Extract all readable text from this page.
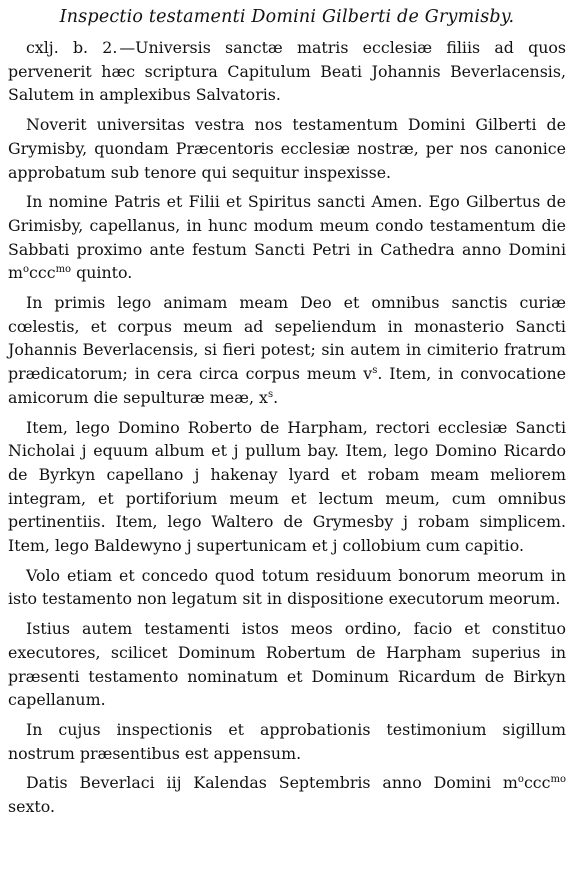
Inspectio testamenti Domini Gilberti de Grymisby.

cxlj. b. 2. —Universis sanctæ matris ecclesiæ filiis ad quos pervenerit hæc scriptura Capitulum Beati Johannis Beverlacensis, Salutem in amplexibus Salvatoris.

Noverit universitas vestra nos testamentum Domini Gilberti de Grymisby, quondam Præcentoris ecclesiæ nostræ, per nos canonice approbatum sub tenore qui sequitur inspexisse.

In nomine Patris et Filii et Spiritus sancti Amen. Ego Gilbertus de Grimisby, capellanus, in hunc modum meum condo testamentum die Sabbati proximo ante festum Sancti Petri in Cathedra anno Domini $m^occc^{mo}$ quinto.

In primis lego animam meam Deo et omnibus sanctis curiæ cœlestis, et corpus meum ad sepeliendum in monasterio Sancti Johannis Beverlacensis, si fieri potest; sin autem in cimiterio fratrum prædicatorum; in cera circa corpus meum $v^s$. Item, in convocatione amicorum die sepulturæ meæ, $x^s$.

Item, lego Domino Roberto de Harpham, rectori ecclesiæ Sancti Nicholai j equum album et j pullum bay. Item, lego Domino Ricardo de Byrkyn capellano j hakenay lyard et robam meam meliorem integram, et portiforium meum et lectum meum, cum omnibus pertinentiis. Item, lego Waltero de Grymesby j robam simplicem. Item, lego Baldewyno j supertunicam et j collobium cum capitio.

Volo etiam et concedo quod totum residuum bonorum meorum in isto testamento non legatum sit in dispositione executorum meorum.

Istius autem testamenti istos meos ordino, facio et constituo executores, scilicet Dominum Robertum de Harpham superius in præsenti testamento nominatum et Dominum Ricardum de Birkyn capellanum.

In cujus inspectionis et approbationis testimonium sigillum nostrum præsentibus est appensum.

Datis Beverlaci iij Kalendas Septembris anno Domini $m^occc^{mo}$ sexto.
